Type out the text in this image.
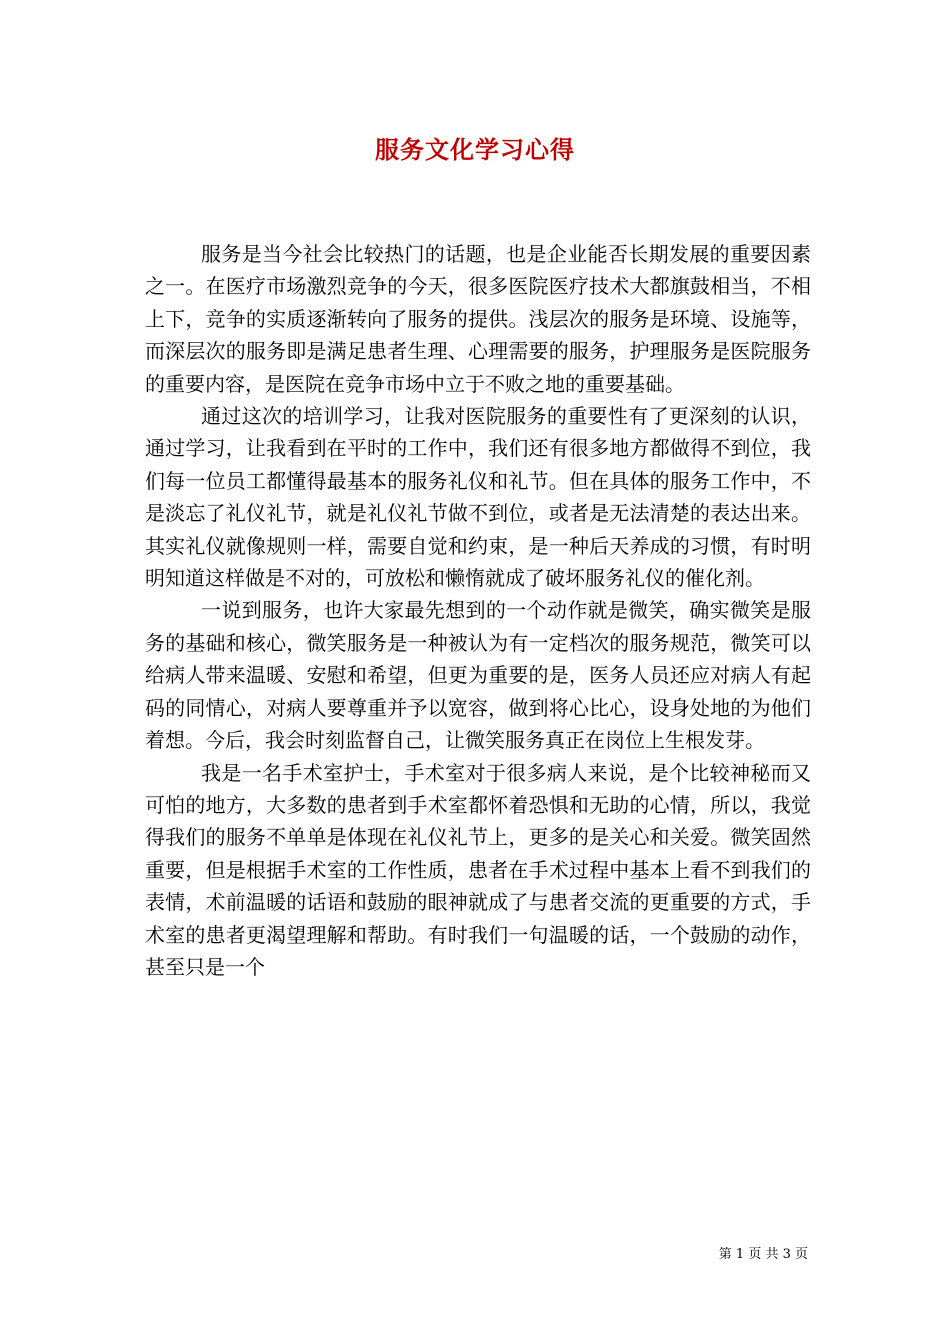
服务文化学习心得

服务是当今社会比较热门的话题，也是企业能否长期发展的重要因素之一。在医疗市场激烈竞争的今天，很多医院医疗技术大都旗鼓相当，不相上下，竞争的实质逐渐转向了服务的提供。浅层次的服务是环境、设施等，而深层次的服务即是满足患者生理、心理需要的服务，护理服务是医院服务的重要内容，是医院在竞争市场中立于不败之地的重要基础。

通过这次的培训学习，让我对医院服务的重要性有了更深刻的认识，通过学习，让我看到在平时的工作中，我们还有很多地方都做得不到位，我们每一位员工都懂得最基本的服务礼仪和礼节。但在具体的服务工作中，不是淡忘了礼仪礼节，就是礼仪礼节做不到位，或者是无法清楚的表达出来。其实礼仪就像规则一样，需要自觉和约束，是一种后天养成的习惯，有时明明知道这样做是不对的，可放松和懒惰就成了破坏服务礼仪的催化剂。

一说到服务，也许大家最先想到的一个动作就是微笑，确实微笑是服务的基础和核心，微笑服务是一种被认为有一定档次的服务规范，微笑可以给病人带来温暖、安慰和希望，但更为重要的是，医务人员还应对病人有起码的同情心，对病人要尊重并予以宽容，做到将心比心，设身处地的为他们着想。今后，我会时刻监督自己，让微笑服务真正在岗位上生根发芽。

我是一名手术室护士，手术室对于很多病人来说，是个比较神秘而又可怕的地方，大多数的患者到手术室都怀着恐惧和无助的心情，所以，我觉得我们的服务不单单是体现在礼仪礼节上，更多的是关心和关爱。微笑固然重要，但是根据手术室的工作性质，患者在手术过程中基本上看不到我们的表情，术前温暖的话语和鼓励的眼神就成了与患者交流的更重要的方式，手术室的患者更渴望理解和帮助。有时我们一句温暖的话，一个鼓励的动作，甚至只是一个

第 1 页 共 3 页
